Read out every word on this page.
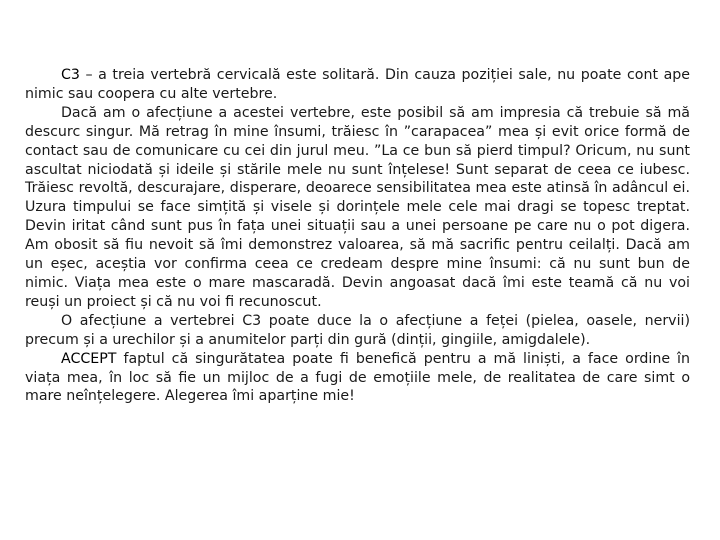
C3 – a treia vertebră cervicală este solitară. Din cauza poziției sale, nu poate cont ape nimic sau coopera cu alte vertebre.

Dacă am o afecțiune a acestei vertebre, este posibil să am impresia că trebuie să mă descurc singur. Mă retrag în mine însumi, trăiesc în ”carapacea” mea și evit orice formă de contact sau de comunicare cu cei din jurul meu. ”La ce bun să pierd timpul? Oricum, nu sunt ascultat niciodată și ideile și stările mele nu sunt înțelese! Sunt separat de ceea ce iubesc. Trăiesc revoltă, descurajare, disperare, deoarece sensibilitatea mea este atinsă în adâncul ei. Uzura timpului se face simțită și visele și dorințele mele cele mai dragi se topesc treptat. Devin iritat când sunt pus în fața unei situații sau a unei persoane pe care nu o pot digera. Am obosit să fiu nevoit să îmi demonstrez valoarea, să mă sacrific pentru ceilalți. Dacă am un eșec, aceștia vor confirma ceea ce credeam despre mine însumi: că nu sunt bun de nimic. Viața mea este o mare mascaradă. Devin angoasat dacă îmi este teamă că nu voi reuși un proiect și că nu voi fi recunoscut.

O afecțiune a vertebrei C3 poate duce la o afecțiune a feței (pielea, oasele, nervii) precum și a urechilor și a anumitelor parți din gură (dinții, gingiile, amigdalele).

ACCEPT faptul că singurătatea poate fi benefică pentru a mă liniști, a face ordine în viața mea, în loc să fie un mijloc de a fugi de emoțiile mele, de realitatea de care simt o mare neînțelegere. Alegerea îmi aparține mie!
